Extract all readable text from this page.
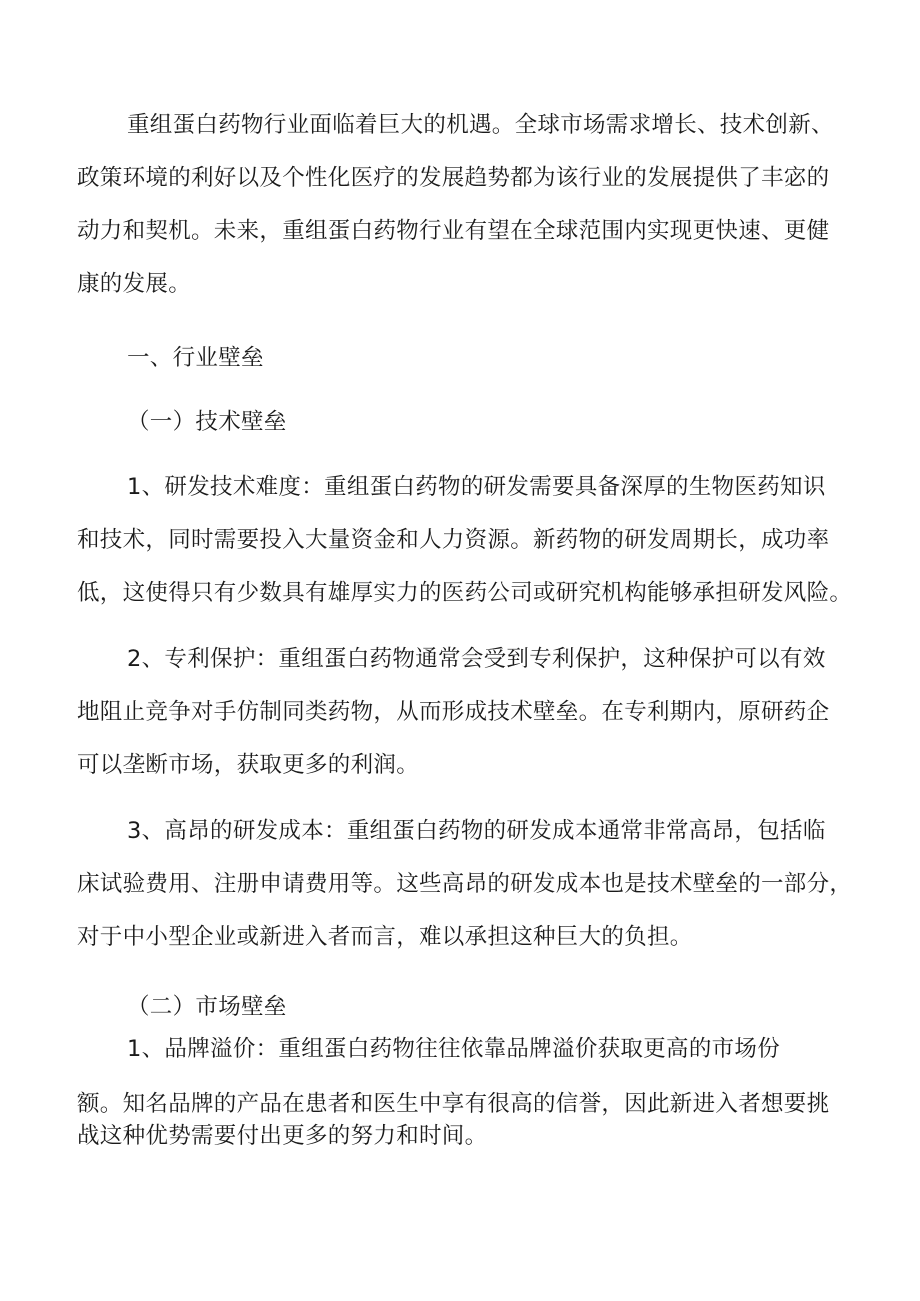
重组蛋白药物行业面临着巨大的机遇。全球市场需求增长、技术创新、
政策环境的利好以及个性化医疗的发展趋势都为该行业的发展提供了丰宓的
动力和契机。未来，重组蛋白药物行业有望在全球范围内实现更快速、更健
康的发展。
一、行业壁垒
（一）技术壁垒
1、研发技术难度：重组蛋白药物的研发需要具备深厚的生物医药知识
和技术，同时需要投入大量资金和人力资源。新药物的研发周期长，成功率
低，这使得只有少数具有雄厚实力的医药公司或研究机构能够承担研发风险。
2、专利保护：重组蛋白药物通常会受到专利保护，这种保护可以有效
地阻止竞争对手仿制同类药物，从而形成技术壁垒。在专利期内，原研药企
可以垄断市场，获取更多的利润。
3、高昂的研发成本：重组蛋白药物的研发成本通常非常高昂，包括临
床试验费用、注册申请费用等。这些高昂的研发成本也是技术壁垒的一部分，
对于中小型企业或新进入者而言，难以承担这种巨大的负担。
（二）市场壁垒
1、品牌溢价：重组蛋白药物往往依靠品牌溢价获取更高的市场份
额。知名品牌的产品在患者和医生中享有很高的信誉，因此新进入者想要挑
战这种优势需要付出更多的努力和时间。
